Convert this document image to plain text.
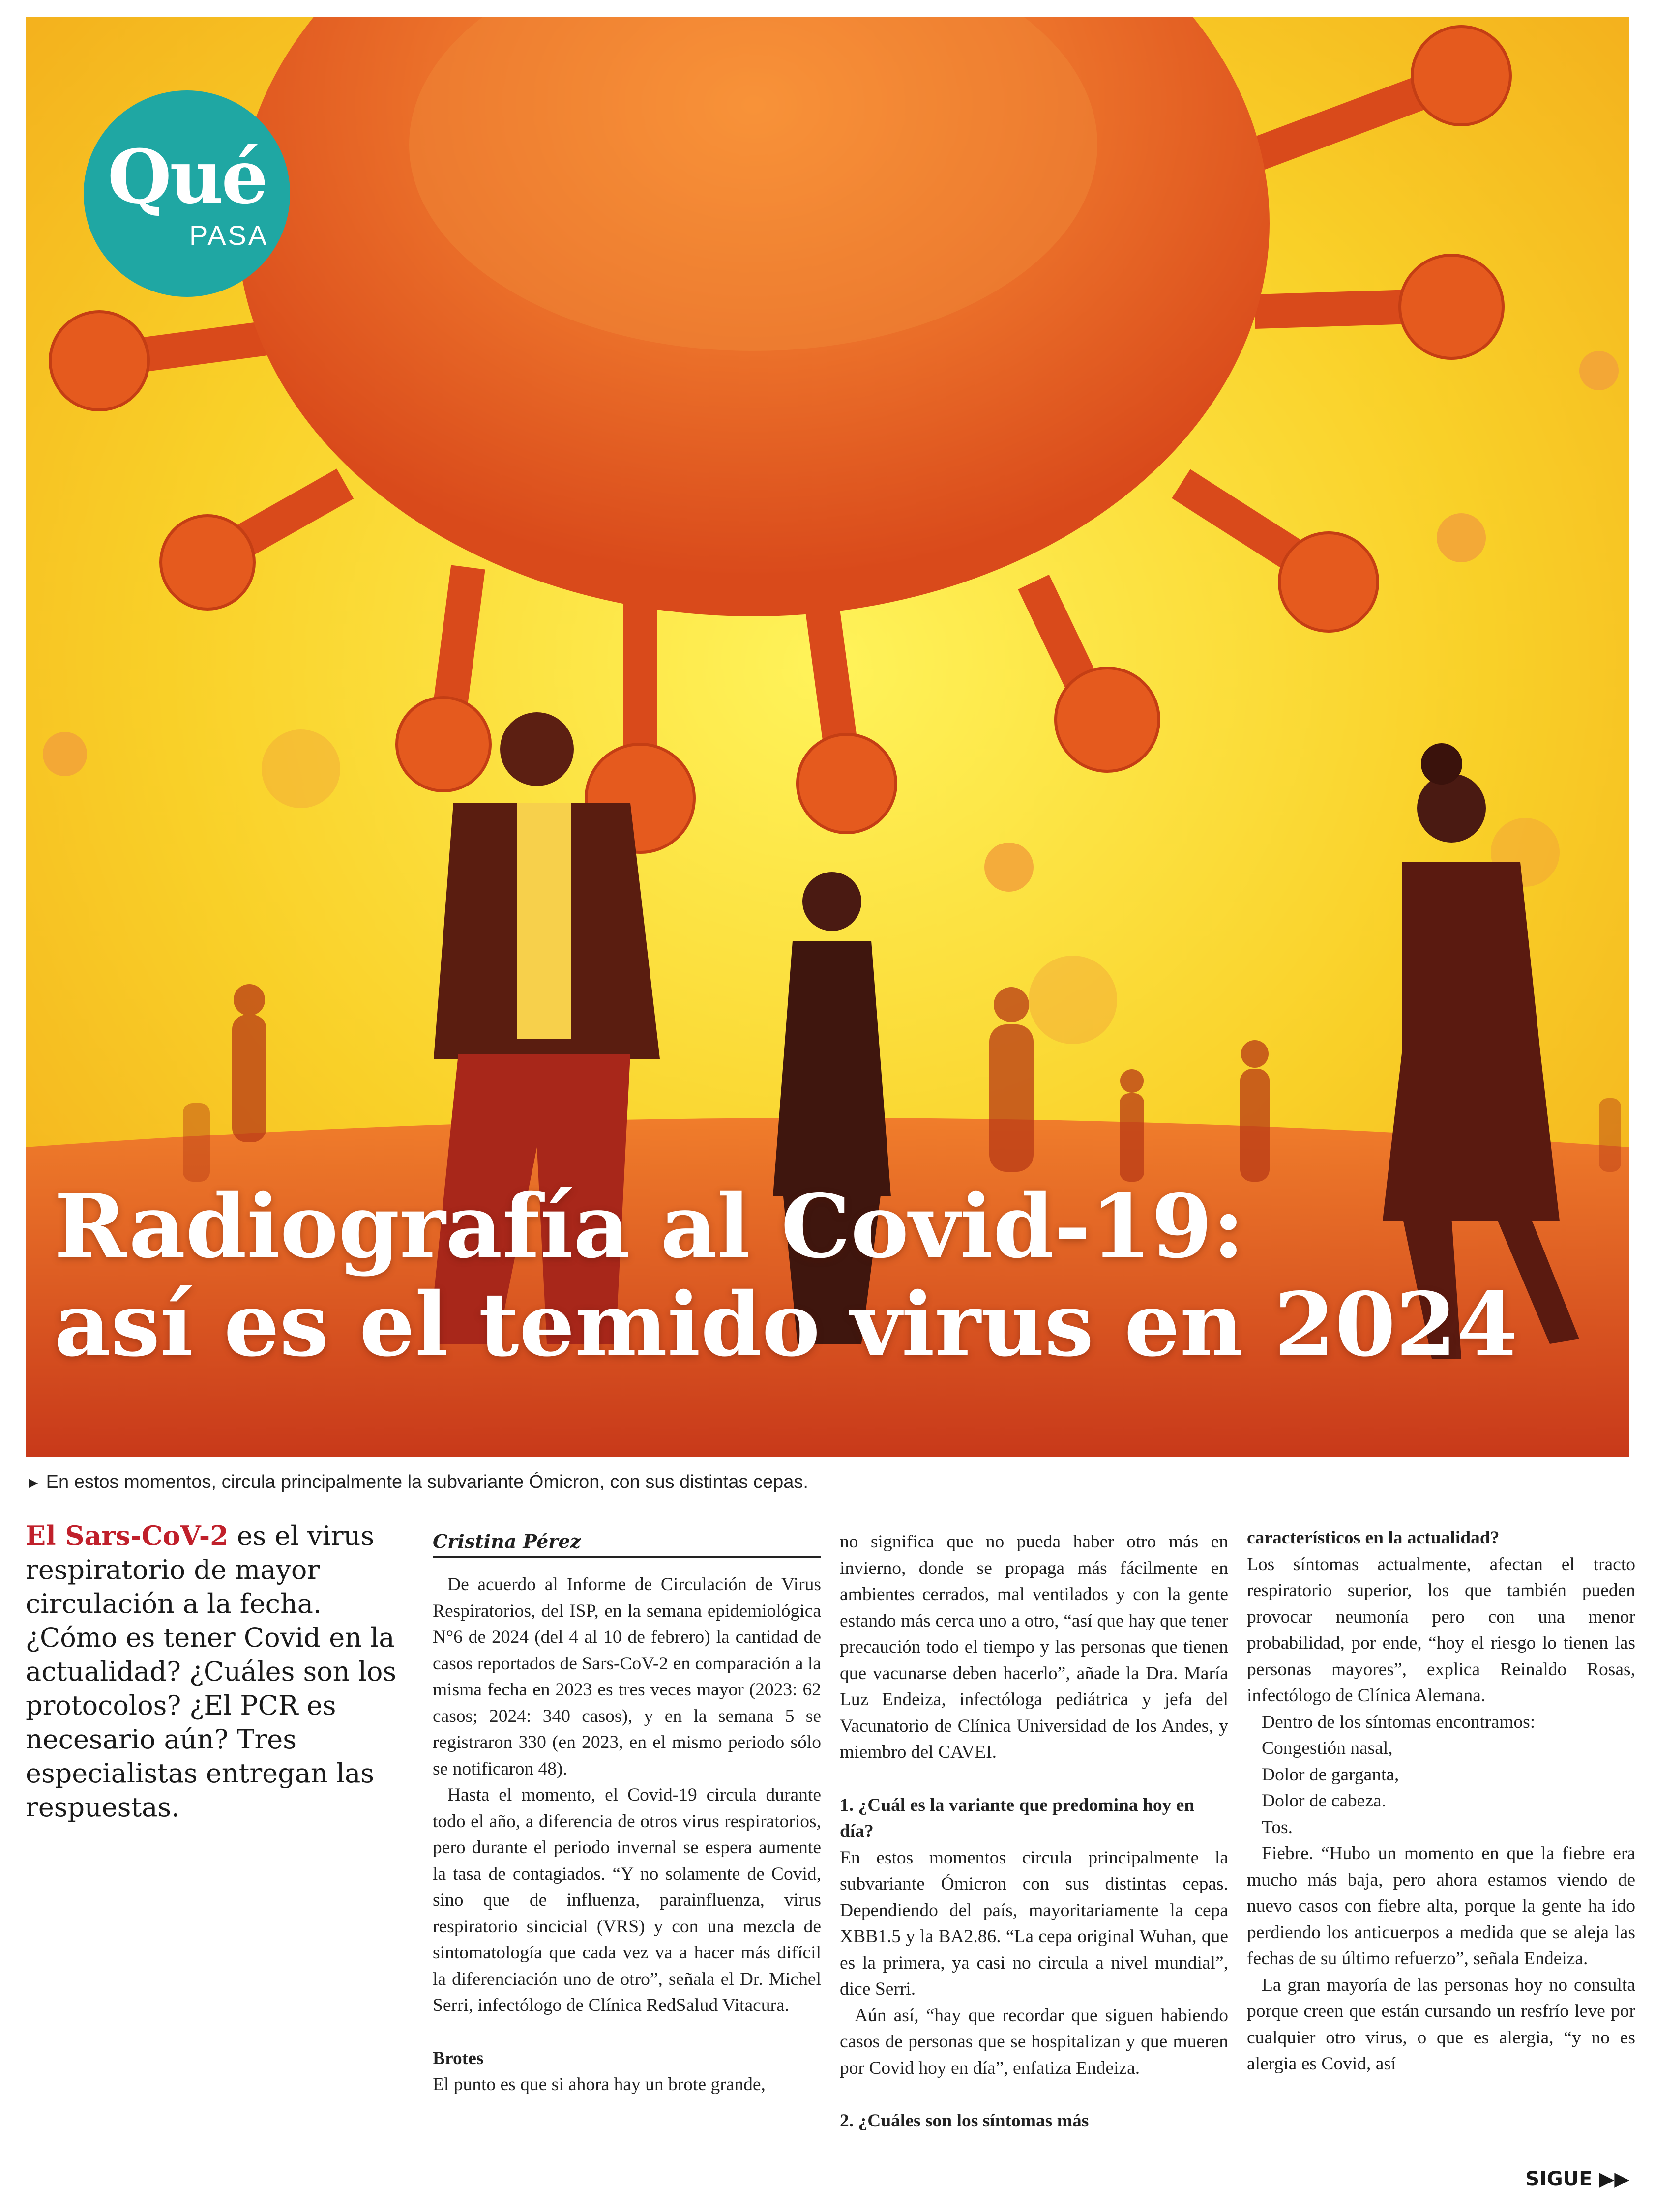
Qué
PASA
Radiografía al Covid-19:
así es el temido virus en 2024
► En estos momentos, circula principalmente la subvariante Ómicron, con sus distintas cepas.
El Sars-CoV-2 es el virus respiratorio de mayor circulación a la fecha. ¿Cómo es tener Covid en la actualidad? ¿Cuáles son los protocolos? ¿El PCR es necesario aún? Tres especialistas entregan las respuestas.
Cristina Pérez

De acuerdo al Informe de Circulación de Virus Respiratorios, del ISP, en la semana epidemiológica N°6 de 2024 (del 4 al 10 de febrero) la cantidad de casos reportados de Sars-CoV-2 en comparación a la misma fecha en 2023 es tres veces mayor (2023: 62 casos; 2024: 340 casos), y en la semana 5 se registraron 330 (en 2023, en el mismo periodo sólo se notificaron 48).

Hasta el momento, el Covid-19 circula durante todo el año, a diferencia de otros virus respiratorios, pero durante el periodo invernal se espera aumente la tasa de contagiados. “Y no solamente de Covid, sino que de influenza, parainfluenza, virus respiratorio sincicial (VRS) y con una mezcla de sintomatología que cada vez va a hacer más difícil la diferenciación uno de otro”, señala el Dr. Michel Serri, infectólogo de Clínica RedSalud Vitacura.

Brotes

El punto es que si ahora hay un brote grande,

no significa que no pueda haber otro más en invierno, donde se propaga más fácilmente en ambientes cerrados, mal ventilados y con la gente estando más cerca uno a otro, “así que hay que tener precaución todo el tiempo y las personas que tienen que vacunarse deben hacerlo”, añade la Dra. María Luz Endeiza, infectóloga pediátrica y jefa del Vacunatorio de Clínica Universidad de los Andes, y miembro del CAVEI.

1. ¿Cuál es la variante que predomina hoy en día?

En estos momentos circula principalmente la subvariante Ómicron con sus distintas cepas. Dependiendo del país, mayoritariamente la cepa XBB1.5 y la BA2.86. “La cepa original Wuhan, que es la primera, ya casi no circula a nivel mundial”, dice Serri.

Aún así, “hay que recordar que siguen habiendo casos de personas que se hospitalizan y que mueren por Covid hoy en día”, enfatiza Endeiza.

2. ¿Cuáles son los síntomas más

característicos en la actualidad?

Los síntomas actualmente, afectan el tracto respiratorio superior, los que también pueden provocar neumonía pero con una menor probabilidad, por ende, “hoy el riesgo lo tienen las personas mayores”, explica Reinaldo Rosas, infectólogo de Clínica Alemana.

Dentro de los síntomas encontramos:

Congestión nasal,

Dolor de garganta,

Dolor de cabeza.

Tos.

Fiebre. “Hubo un momento en que la fiebre era mucho más baja, pero ahora estamos viendo de nuevo casos con fiebre alta, porque la gente ha ido perdiendo los anticuerpos a medida que se aleja las fechas de su último refuerzo”, señala Endeiza.

La gran mayoría de las personas hoy no consulta porque creen que están cursando un resfrío leve por cualquier otro virus, o que es alergia, “y no es alergia es Covid, así

SIGUE ▶▶
